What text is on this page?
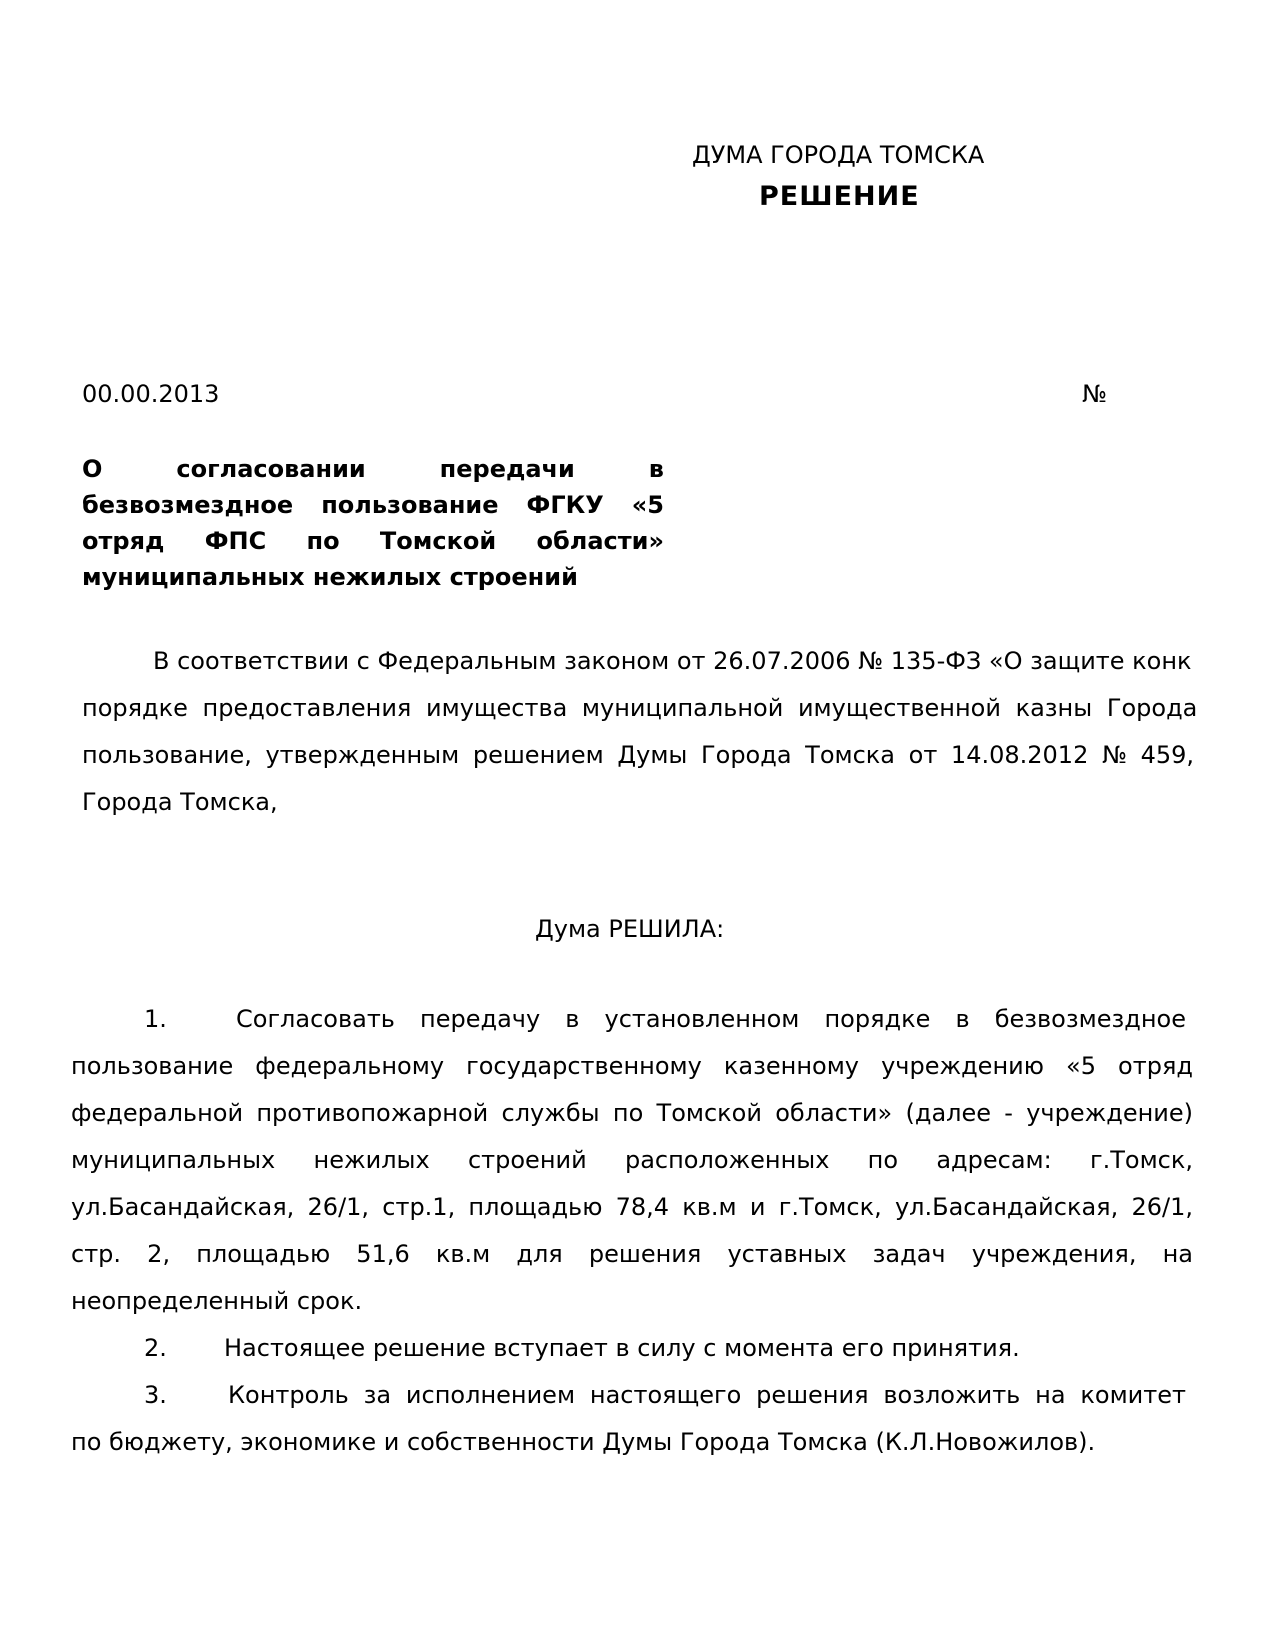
ДУМА ГОРОДА ТОМСКА
РЕШЕНИЕ
00.00.2013	№
О согласовании передачи в
безвозмездное пользование ФГКУ «5
отряд ФПС по Томской области»
муниципальных нежилых строений
В соответствии с Федеральным законом от 26.07.2006 № 135-ФЗ «О защите конк
порядке предоставления имущества муниципальной имущественной казны Города
пользование, утвержденным решением Думы Города Томска от 14.08.2012 № 459,
Города Томска,
Дума РЕШИЛА:
1.	Согласовать передачу в установленном порядке в безвозмездное
пользование федеральному государственному казенному учреждению «5 отряд
федеральной противопожарной службы по Томской области» (далее - учреждение)
муниципальных нежилых строений расположенных по адресам: г.Томск,
ул.Басандайская, 26/1, стр.1, площадью 78,4 кв.м и г.Томск, ул.Басандайская, 26/1,
стр. 2, площадью 51,6 кв.м для решения уставных задач учреждения, на
неопределенный срок.
2. Настоящее решение вступает в силу с момента его принятия.
3.	Контроль за исполнением настоящего решения возложить на комитет
по бюджету, экономике и собственности Думы Города Томска (К.Л.Новожилов).
